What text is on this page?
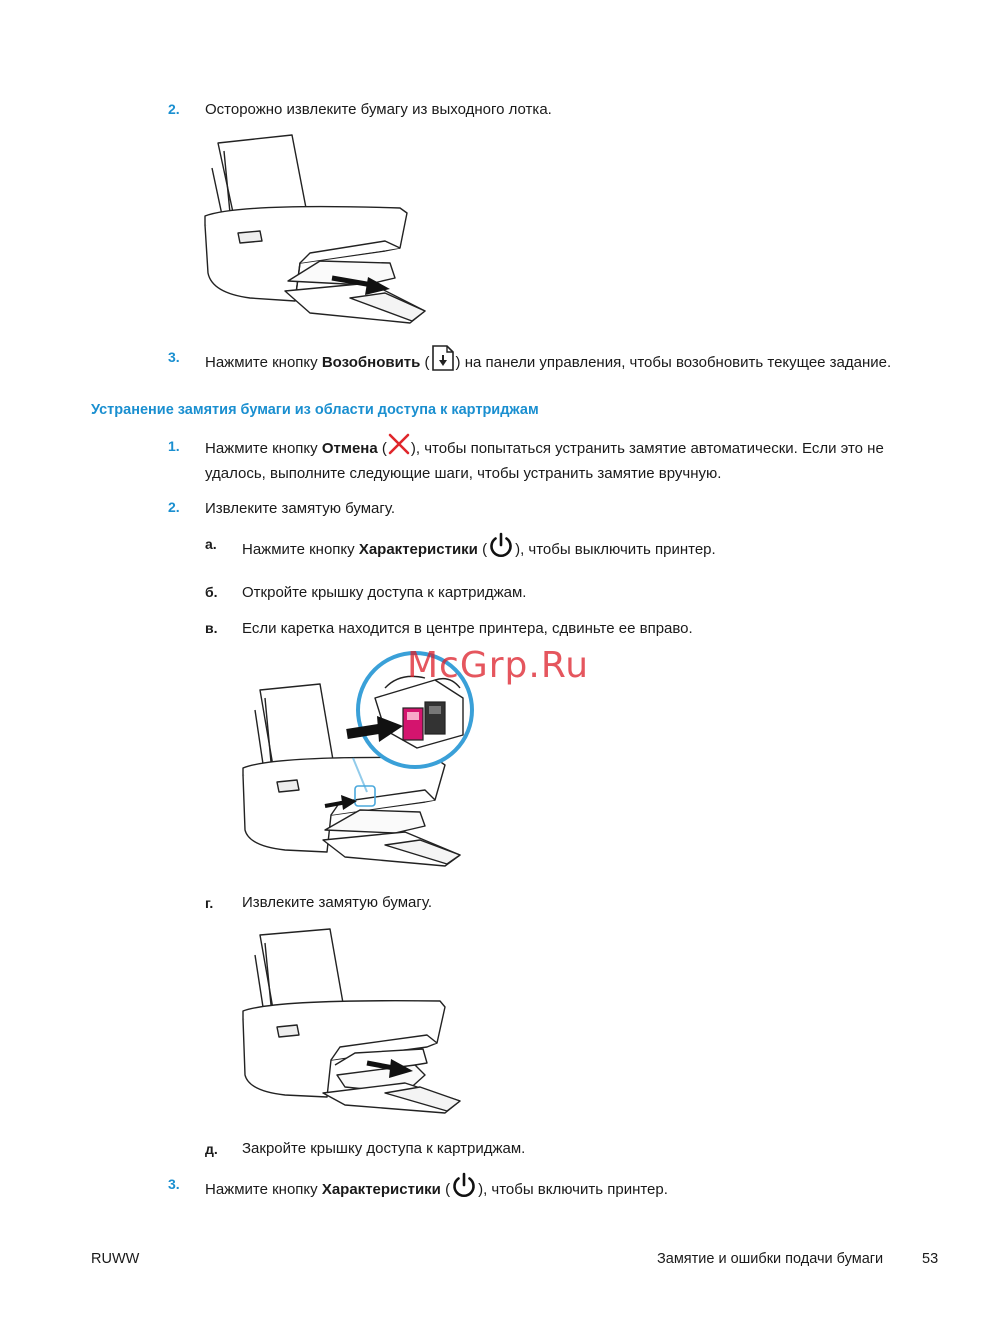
2. Осторожно извлеките бумагу из выходного лотка.
3. Нажмите кнопку Возобновить ( ) на панели управления, чтобы возобновить текущее задание.
Устранение замятия бумаги из области доступа к картриджам
1. Нажмите кнопку Отмена ( ), чтобы попытаться устранить замятие автоматически. Если это не
удалось, выполните следующие шаги, чтобы устранить замятие вручную.
2. Извлеките замятую бумагу.
a. Нажмите кнопку Характеристики ( ), чтобы выключить принтер.
б. Откройте крышку доступа к картриджам.
в. Если каретка находится в центре принтера, сдвиньте ее вправо.
McGrp.Ru
г. Извлеките замятую бумагу.
д. Закройте крышку доступа к картриджам.
3. Нажмите кнопку Характеристики ( ), чтобы включить принтер.
RUWW	Замятие и ошибки подачи бумаги	53
